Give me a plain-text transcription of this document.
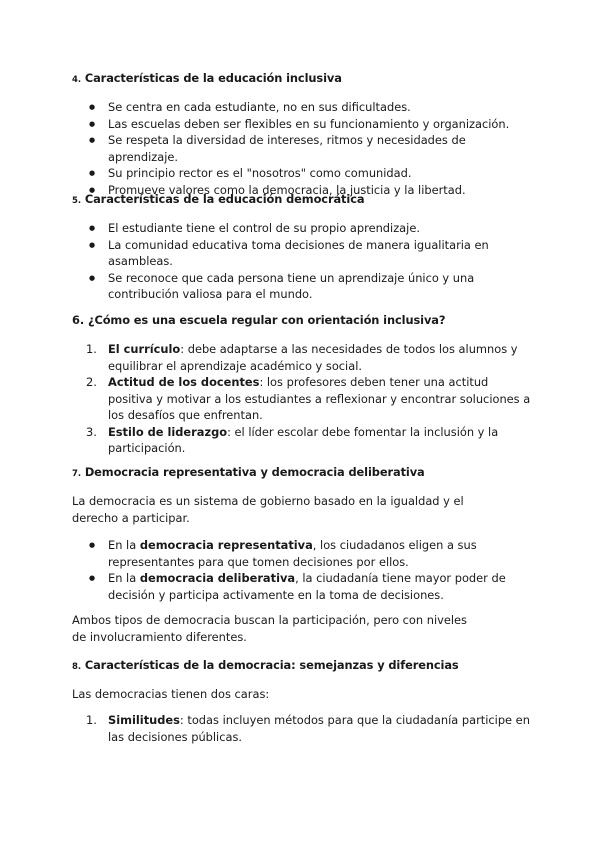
4. Características de la educación inclusiva
● Se centra en cada estudiante, no en sus dificultades.
● Las escuelas deben ser flexibles en su funcionamiento y organización.
● Se respeta la diversidad de intereses, ritmos y necesidades de aprendizaje.
● Su principio rector es el "nosotros" como comunidad.
● Promueve valores como la democracia, la justicia y la libertad.
5. Características de la educación democrática
● El estudiante tiene el control de su propio aprendizaje.
● La comunidad educativa toma decisiones de manera igualitaria en asambleas.
● Se reconoce que cada persona tiene un aprendizaje único y una contribución valiosa para el mundo.
6. ¿Cómo es una escuela regular con orientación inclusiva?
1. El currículo: debe adaptarse a las necesidades de todos los alumnos y equilibrar el aprendizaje académico y social.
2. Actitud de los docentes: los profesores deben tener una actitud positiva y motivar a los estudiantes a reflexionar y encontrar soluciones a los desafíos que enfrentan.
3. Estilo de liderazgo: el líder escolar debe fomentar la inclusión y la participación.
7. Democracia representativa y democracia deliberativa

La democracia es un sistema de gobierno basado en la igualdad y el derecho a participar.

● En la democracia representativa, los ciudadanos eligen a sus representantes para que tomen decisiones por ellos.
● En la democracia deliberativa, la ciudadanía tiene mayor poder de decisión y participa activamente en la toma de decisiones.

Ambos tipos de democracia buscan la participación, pero con niveles de involucramiento diferentes.

8. Características de la democracia: semejanzas y diferencias

Las democracias tienen dos caras:

1. Similitudes: todas incluyen métodos para que la ciudadanía participe en las decisiones públicas.
